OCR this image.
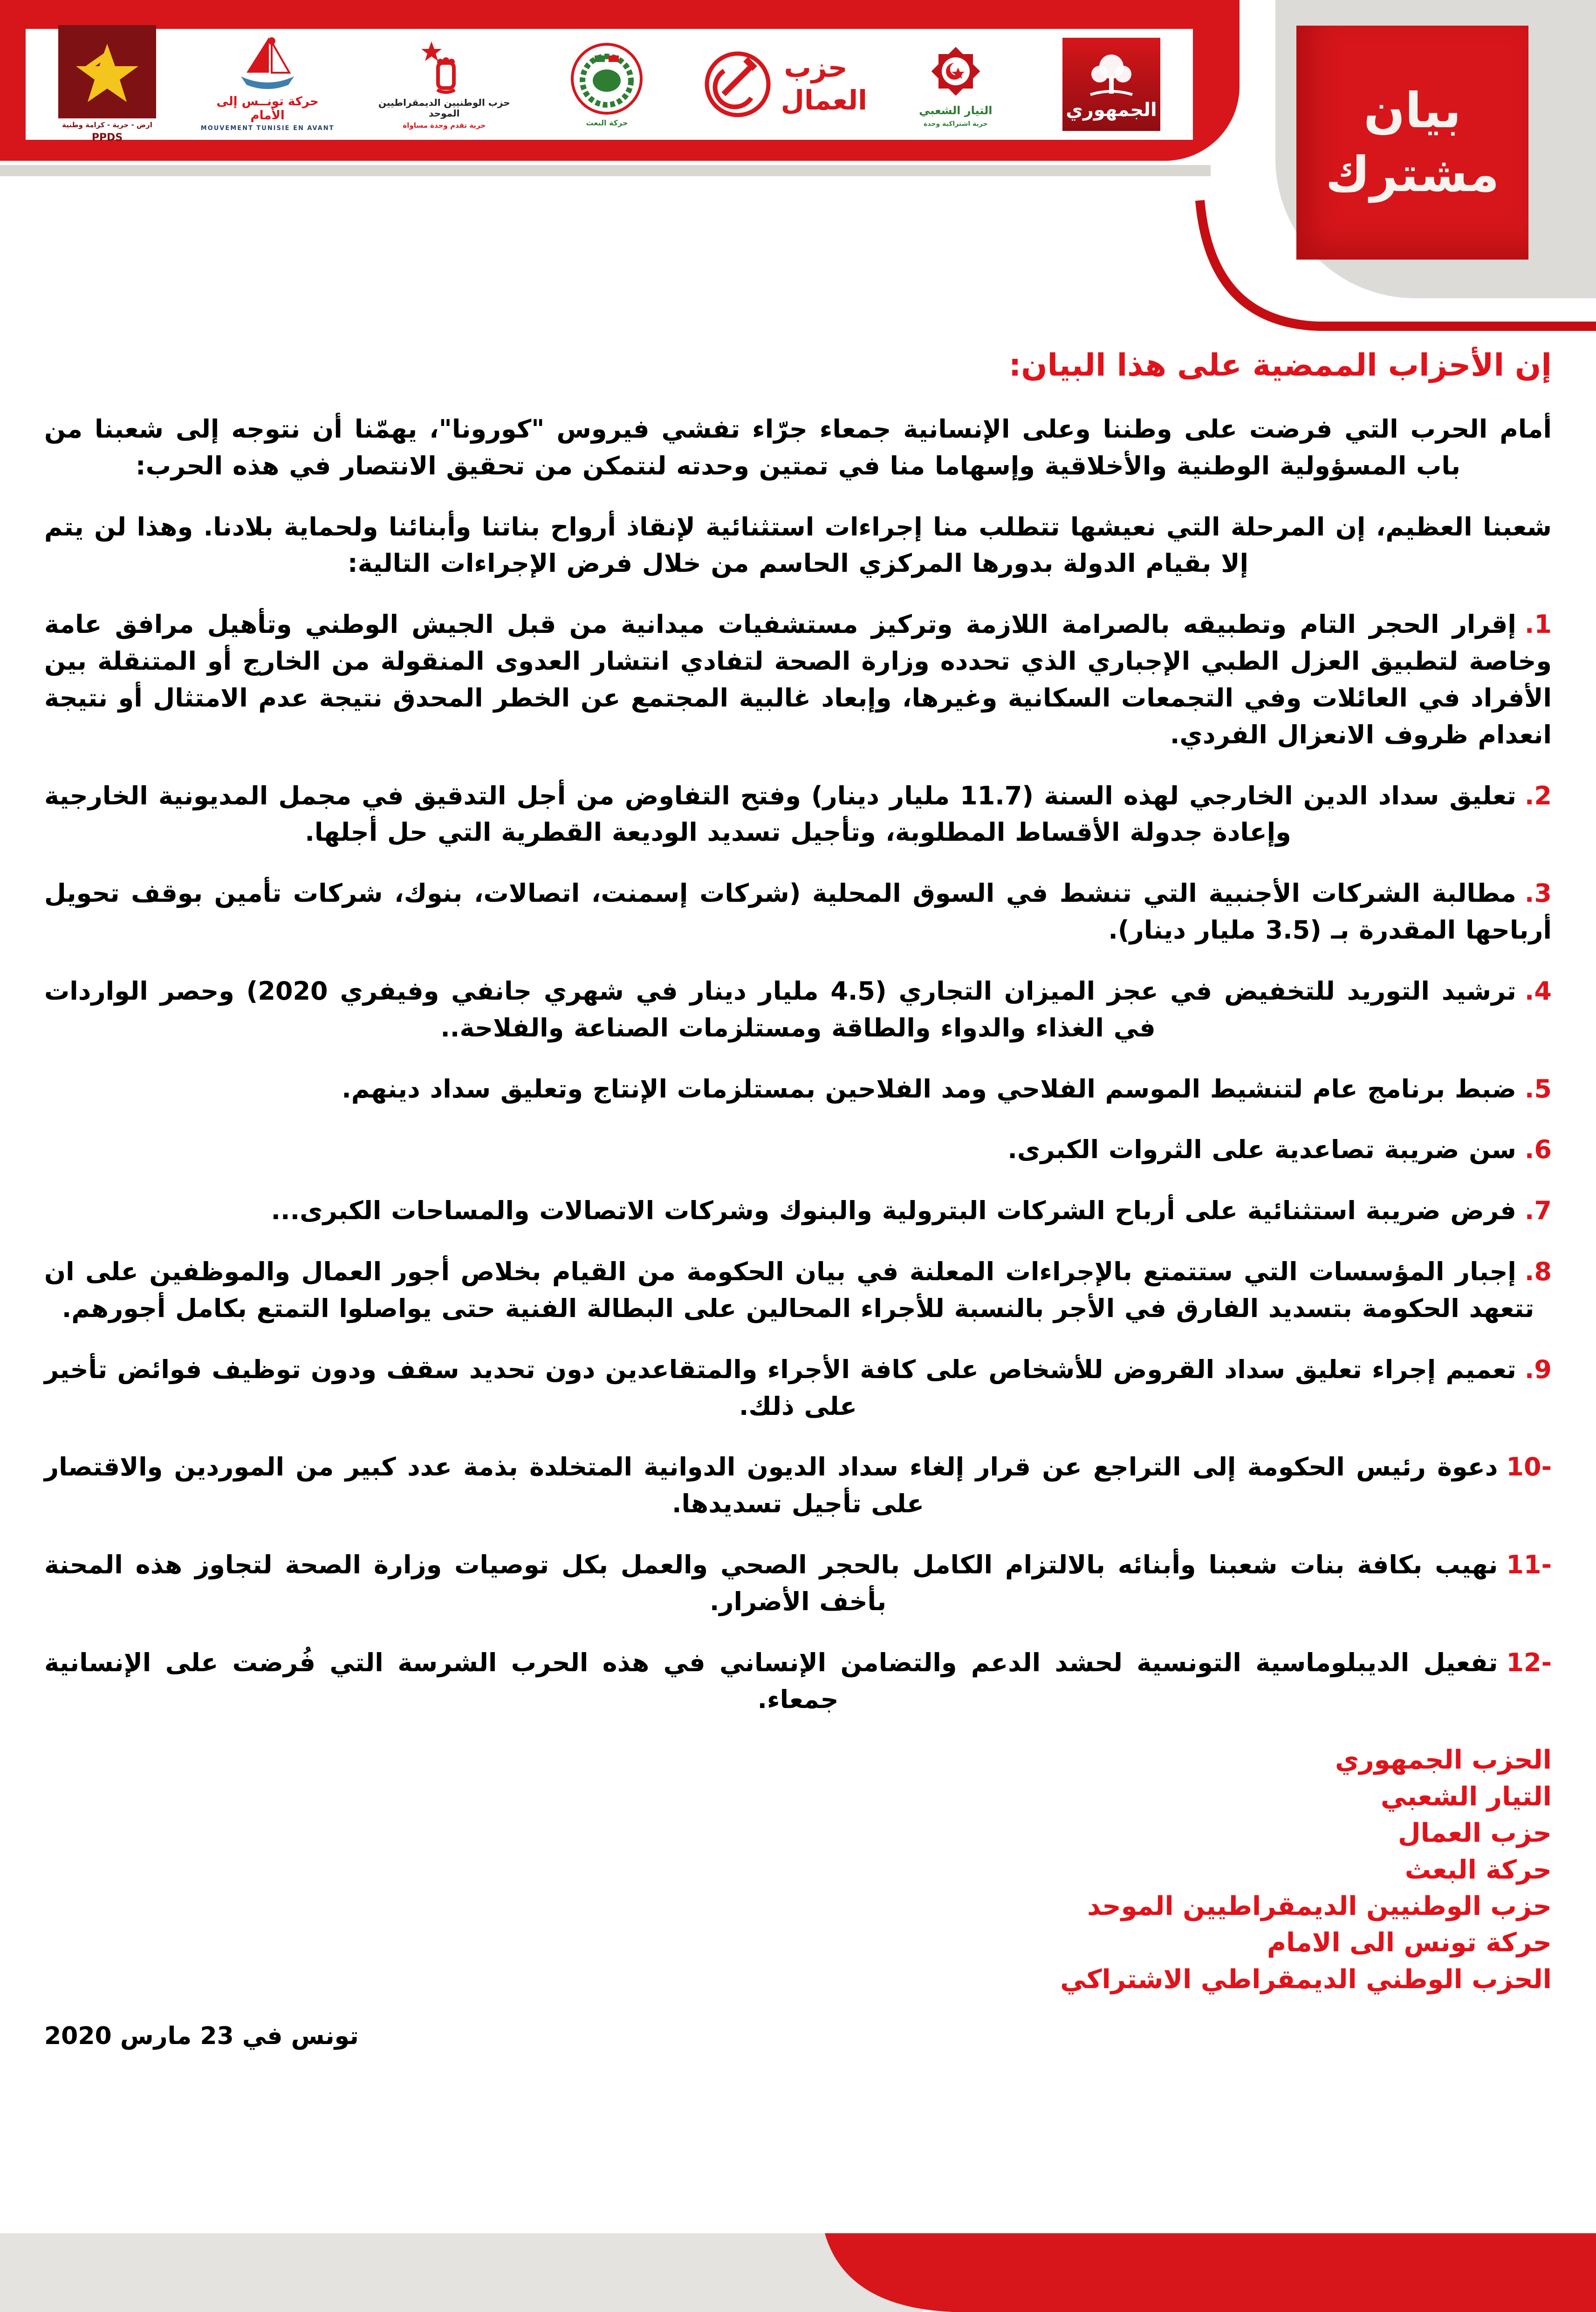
ارض - حرية - كرامة وطنية
PPDS
حركة تونــس إلى الأمام
MOUVEMENT TUNISIE EN AVANT
حزب الوطنيين الديمقراطيين الموحد
حرية تقدم وحدة مساواة	حركة البعث
حزب العمال	التيار الشعبي
حرية اشتراكية وحدة
الجمهوري	بيان
مشترك
إن الأحزاب الممضية على هذا البيان:

أمام الحرب التي فرضت على وطننا وعلى الإنسانية جمعاء جرّاء تفشي فيروس "كورونا"، يهمّنا أن نتوجه إلى شعبنا من باب المسؤولية الوطنية والأخلاقية وإسهاما منا في تمتين وحدته لنتمكن من تحقيق الانتصار في هذه الحرب:

شعبنا العظيم، إن المرحلة التي نعيشها تتطلب منا إجراءات استثنائية لإنقاذ أرواح بناتنا وأبنائنا ولحماية بلادنا. وهذا لن يتم إلا بقيام الدولة بدورها المركزي الحاسم من خلال فرض الإجراءات التالية:

1.إقرار الحجر التام وتطبيقه بالصرامة اللازمة وتركيز مستشفيات ميدانية من قبل الجيش الوطني وتأهيل مرافق عامة وخاصة لتطبيق العزل الطبي الإجباري الذي تحدده وزارة الصحة لتفادي انتشار العدوى المنقولة من الخارج أو المتنقلة بين الأفراد في العائلات وفي التجمعات السكانية وغيرها، وإبعاد غالبية المجتمع عن الخطر المحدق نتيجة عدم الامتثال أو نتيجة انعدام ظروف الانعزال الفردي.

2.تعليق سداد الدين الخارجي لهذه السنة (11.7 مليار دينار) وفتح التفاوض من أجل التدقيق في مجمل المديونية الخارجية وإعادة جدولة الأقساط المطلوبة، وتأجيل تسديد الوديعة القطرية التي حل أجلها.

3.مطالبة الشركات الأجنبية التي تنشط في السوق المحلية (شركات إسمنت، اتصالات، بنوك، شركات تأمين بوقف تحويل أرباحها المقدرة بـ (3.5 مليار دينار).

4.ترشيد التوريد للتخفيض في عجز الميزان التجاري (4.5 مليار دينار في شهري جانفي وفيفري 2020) وحصر الواردات في الغذاء والدواء والطاقة ومستلزمات الصناعة والفلاحة..

5.ضبط برنامج عام لتنشيط الموسم الفلاحي ومد الفلاحين بمستلزمات الإنتاج وتعليق سداد دينهم.

6.سن ضريبة تصاعدية على الثروات الكبرى.

7.فرض ضريبة استثنائية على أرباح الشركات البترولية والبنوك وشركات الاتصالات والمساحات الكبرى...

8.إجبار المؤسسات التي ستتمتع بالإجراءات المعلنة في بيان الحكومة من القيام بخلاص أجور العمال والموظفين على ان تتعهد الحكومة بتسديد الفارق في الأجر بالنسبة للأجراء المحالين على البطالة الفنية حتى يواصلوا التمتع بكامل أجورهم.

9.تعميم إجراء تعليق سداد القروض للأشخاص على كافة الأجراء والمتقاعدين دون تحديد سقف ودون توظيف فوائض تأخير على ذلك.

-10دعوة رئيس الحكومة إلى التراجع عن قرار إلغاء سداد الديون الدوانية المتخلدة بذمة عدد كبير من الموردين والاقتصار على تأجيل تسديدها.

-11نهيب بكافة بنات شعبنا وأبنائه بالالتزام الكامل بالحجر الصحي والعمل بكل توصيات وزارة الصحة لتجاوز هذه المحنة بأخف الأضرار.

-12تفعيل الديبلوماسية التونسية لحشد الدعم والتضامن الإنساني في هذه الحرب الشرسة التي فُرضت على الإنسانية جمعاء.

الحزب الجمهوري
التيار الشعبي
حزب العمال
حركة البعث
حزب الوطنيين الديمقراطيين الموحد
حركة تونس الى الامام
الحزب الوطني الديمقراطي الاشتراكي
تونس في 23 مارس 2020
